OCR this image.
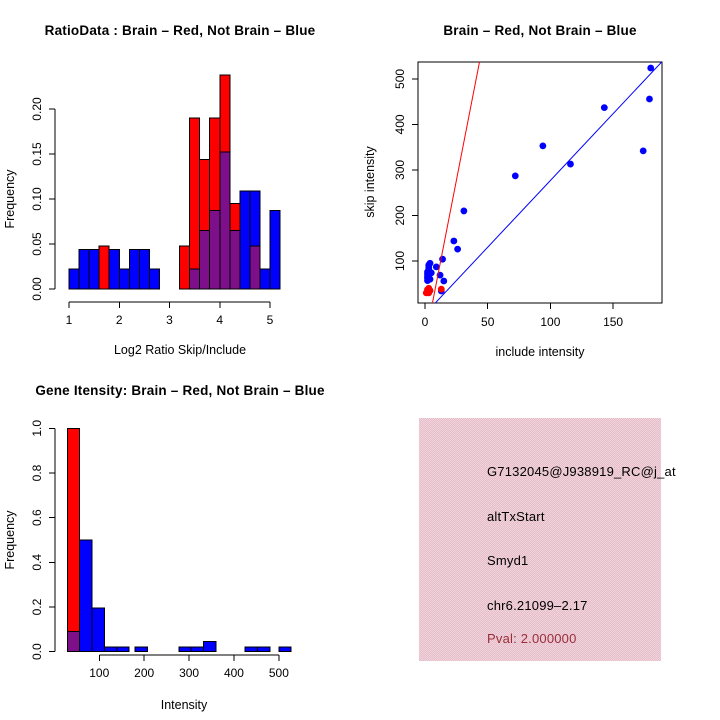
RatioData : Brain – Red, Not Brain – Blue
Log2 Ratio Skip/Include
Frequency
1	2	3	4	5
0.00
0.05
0.10
0.15
0.20
Brain – Red, Not Brain – Blue
include intensity
skip intensity
0	50	100	150
100
200
300
400
500
Gene Itensity: Brain – Red, Not Brain – Blue
Intensity
Frequency
100 200 300 400 500
0.0
0.2
0.4
0.6
0.8
1.0
G7132045@J938919_RC@j_at
altTxStart
Smyd1
chr6.21099–2.17
Pval: 2.000000
